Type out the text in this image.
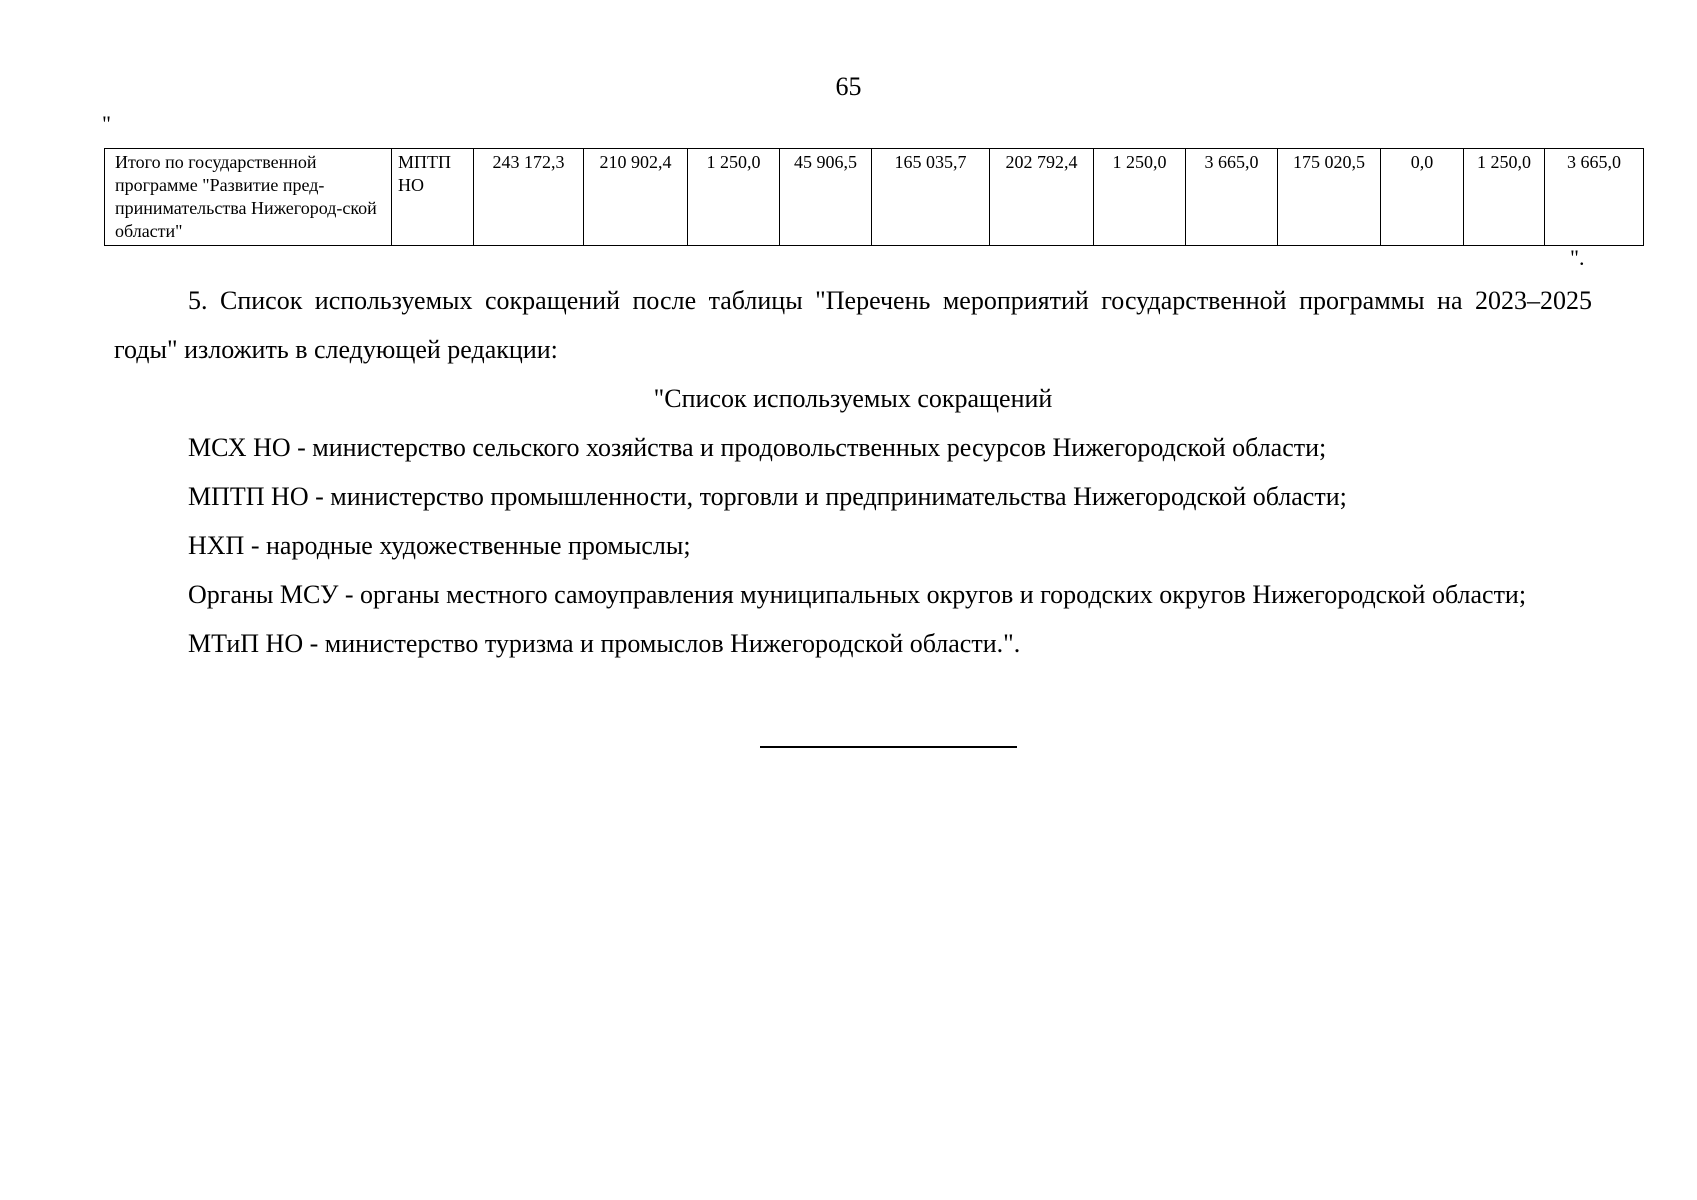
65
"
Итого по государственной программе "Развитие пред-принимательства Нижегород-ской области"	МПТП НО	243 172,3	210 902,4	1 250,0	45 906,5	165 035,7	202 792,4	1 250,0	3 665,0	175 020,5	0,0	1 250,0	3 665,0
".

5. Список используемых сокращений после таблицы "Перечень мероприятий государственной программы на 2023–2025 годы" изложить в следующей редакции:

"Список используемых сокращений

МСХ НО - министерство сельского хозяйства и продовольственных ресурсов Нижегородской области;

МПТП НО - министерство промышленности, торговли и предпринимательства Нижегородской области;

НХП - народные художественные промыслы;

Органы МСУ - органы местного самоуправления муниципальных округов и городских округов Нижегородской области;

МТиП НО - министерство туризма и промыслов Нижегородской области.".
